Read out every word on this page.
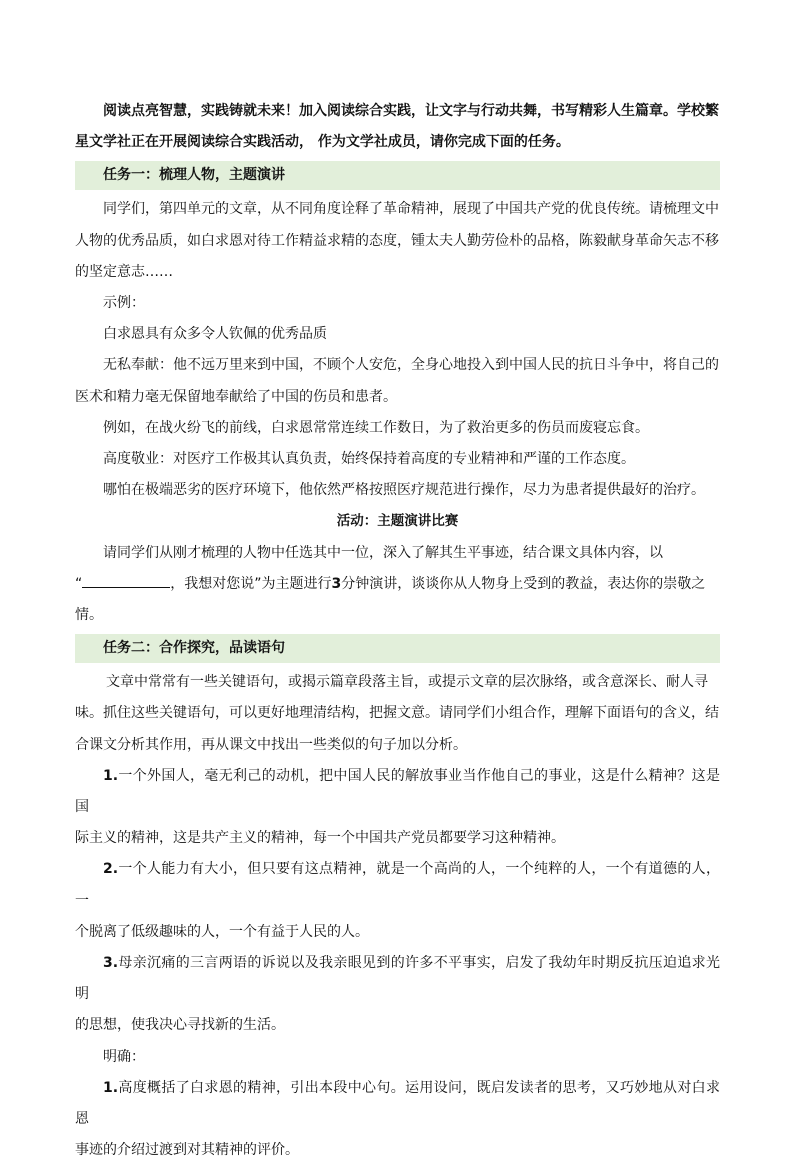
阅读点亮智慧，实践铸就未来！加入阅读综合实践，让文字与行动共舞，书写精彩人生篇章。学校繁

星文学社正在开展阅读综合实践活动， 作为文学社成员，请你完成下面的任务。

任务一：梳理人物，主题演讲

同学们，第四单元的文章，从不同角度诠释了革命精神，展现了中国共产党的优良传统。请梳理文中

人物的优秀品质，如白求恩对待工作精益求精的态度，锺太夫人勤劳俭朴的品格，陈毅献身革命矢志不移

的坚定意志……

示例：

白求恩具有众多令人钦佩的优秀品质

无私奉献：他不远万里来到中国，不顾个人安危，全身心地投入到中国人民的抗日斗争中，将自己的

医术和精力毫无保留地奉献给了中国的伤员和患者。

例如，在战火纷飞的前线，白求恩常常连续工作数日，为了救治更多的伤员而废寝忘食。

高度敬业：对医疗工作极其认真负责，始终保持着高度的专业精神和严谨的工作态度。

哪怕在极端恶劣的医疗环境下，他依然严格按照医疗规范进行操作，尽力为患者提供最好的治疗。

活动：主题演讲比赛

请同学们从刚才梳理的人物中任选其中一位，深入了解其生平事迹，结合课文具体内容，以

“	，我想对您说”为主题进行3分钟演讲，谈谈你从人物身上受到的教益，表达你的崇敬之

情。

任务二：合作探究，品读语句

文章中常常有一些关键语句，或揭示篇章段落主旨，或提示文章的层次脉络，或含意深长、耐人寻

味。抓住这些关键语句，可以更好地理清结构，把握文意。请同学们小组合作，理解下面语句的含义，结

合课文分析其作用，再从课文中找出一些类似的句子加以分析。

1.一个外国人，毫无利己的动机，把中国人民的解放事业当作他自己的事业，这是什么精神？这是国

际主义的精神，这是共产主义的精神，每一个中国共产党员都要学习这种精神。

2.一个人能力有大小，但只要有这点精神，就是一个高尚的人，一个纯粹的人，一个有道德的人，一

个脱离了低级趣味的人，一个有益于人民的人。

3.母亲沉痛的三言两语的诉说以及我亲眼见到的许多不平事实，启发了我幼年时期反抗压迫追求光明

的思想，使我决心寻找新的生活。

明确：

1.高度概括了白求恩的精神，引出本段中心句。运用设问，既启发读者的思考，又巧妙地从对白求恩

事迹的介绍过渡到对其精神的评价。
